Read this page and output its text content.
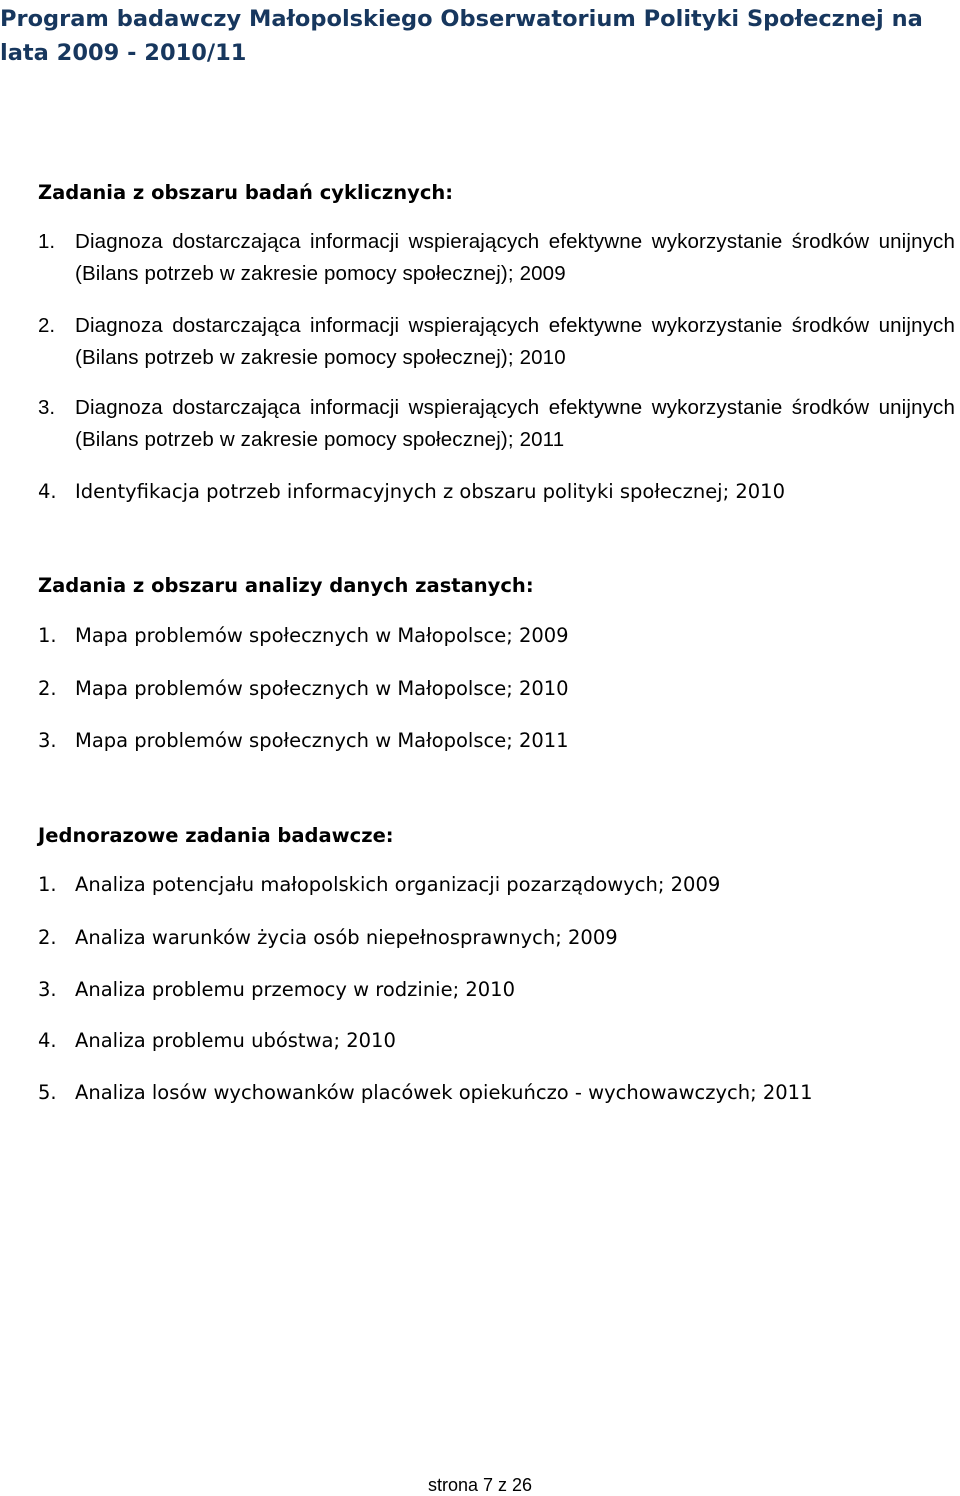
Program badawczy Małopolskiego Obserwatorium Polityki Społecznej na lata 2009 - 2010/11
Zadania z obszaru badań cyklicznych:
1. Diagnoza dostarczająca informacji wspierających efektywne wykorzystanie środków unijnych (Bilans potrzeb w zakresie pomocy społecznej); 2009
2. Diagnoza dostarczająca informacji wspierających efektywne wykorzystanie środków unijnych (Bilans potrzeb w zakresie pomocy społecznej); 2010
3. Diagnoza dostarczająca informacji wspierających efektywne wykorzystanie środków unijnych (Bilans potrzeb w zakresie pomocy społecznej); 2011
4. Identyfikacja potrzeb informacyjnych z obszaru polityki społecznej; 2010
Zadania z obszaru analizy danych zastanych:
1. Mapa problemów społecznych w Małopolsce; 2009
2. Mapa problemów społecznych w Małopolsce; 2010
3. Mapa problemów społecznych w Małopolsce; 2011
Jednorazowe zadania badawcze:
1. Analiza potencjału małopolskich organizacji pozarządowych; 2009
2. Analiza warunków życia osób niepełnosprawnych; 2009
3. Analiza problemu przemocy w rodzinie; 2010
4. Analiza problemu ubóstwa; 2010
5. Analiza losów wychowanków placówek opiekuńczo - wychowawczych; 2011
strona 7 z 26
